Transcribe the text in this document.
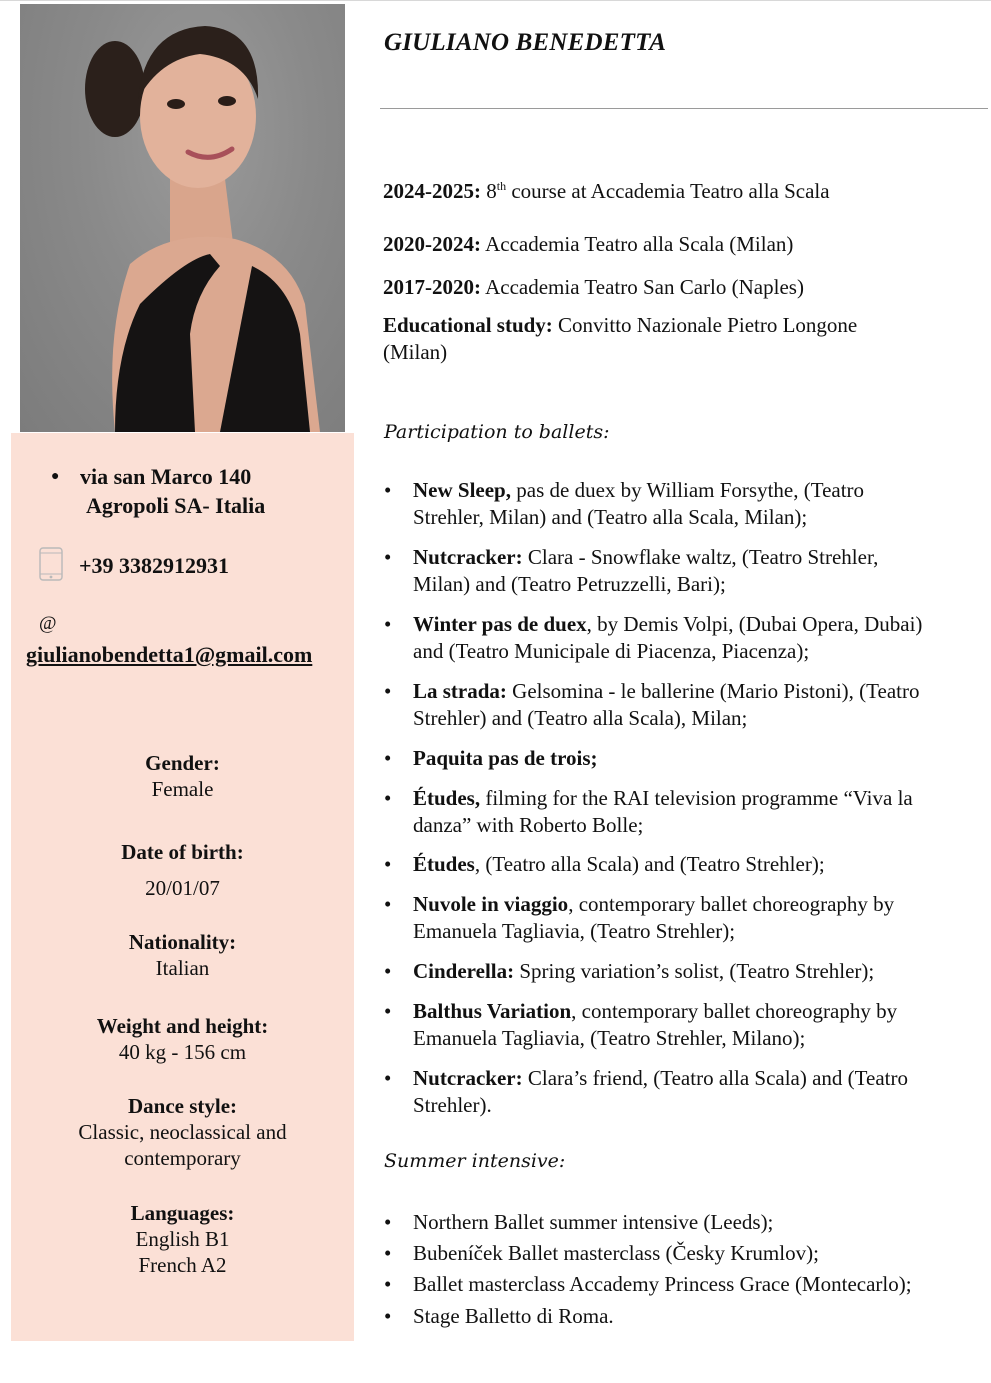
GIULIANO BENEDETTA
2024-2025: 8th course at Accademia Teatro alla Scala
2020-2024: Accademia Teatro alla Scala (Milan)
2017-2020: Accademia Teatro San Carlo (Naples)
Educational study: Convitto Nazionale Pietro Longone
(Milan)
Participation to ballets:
•	New Sleep, pas de duex by William Forsythe, (Teatro
Strehler, Milan) and (Teatro alla Scala, Milan);
•	Nutcracker: Clara - Snowflake waltz, (Teatro Strehler,
Milan) and (Teatro Petruzzelli, Bari);
•	Winter pas de duex, by Demis Volpi, (Dubai Opera, Dubai)
and (Teatro Municipale di Piacenza, Piacenza);
•	La strada: Gelsomina - le ballerine (Mario Pistoni), (Teatro
Strehler) and (Teatro alla Scala), Milan;
•	Paquita pas de trois;
•	Études, filming for the RAI television programme “Viva la
danza” with Roberto Bolle;
•	Études, (Teatro alla Scala) and (Teatro Strehler);
•	Nuvole in viaggio, contemporary ballet choreography by
Emanuela Tagliavia, (Teatro Strehler);
•	Cinderella: Spring variation’s solist, (Teatro Strehler);
•	Balthus Variation, contemporary ballet choreography by
Emanuela Tagliavia, (Teatro Strehler, Milano);
•	Nutcracker: Clara’s friend, (Teatro alla Scala) and (Teatro
Strehler).
Summer intensive:
•	Northern Ballet summer intensive (Leeds);
•	Bubeníček Ballet masterclass (Česky Krumlov);
•	Ballet masterclass Accademy Princess Grace (Montecarlo);
•	Stage Balletto di Roma.
● via san Marco 140
Agropoli SA- Italia
+39 3382912931
@
giulianobendetta1@gmail.com
Gender:
Female
Date of birth:
20/01/07
Nationality:
Italian
Weight and height:
40 kg - 156 cm
Dance style:
Classic, neoclassical and
contemporary
Languages:
English B1
French A2
